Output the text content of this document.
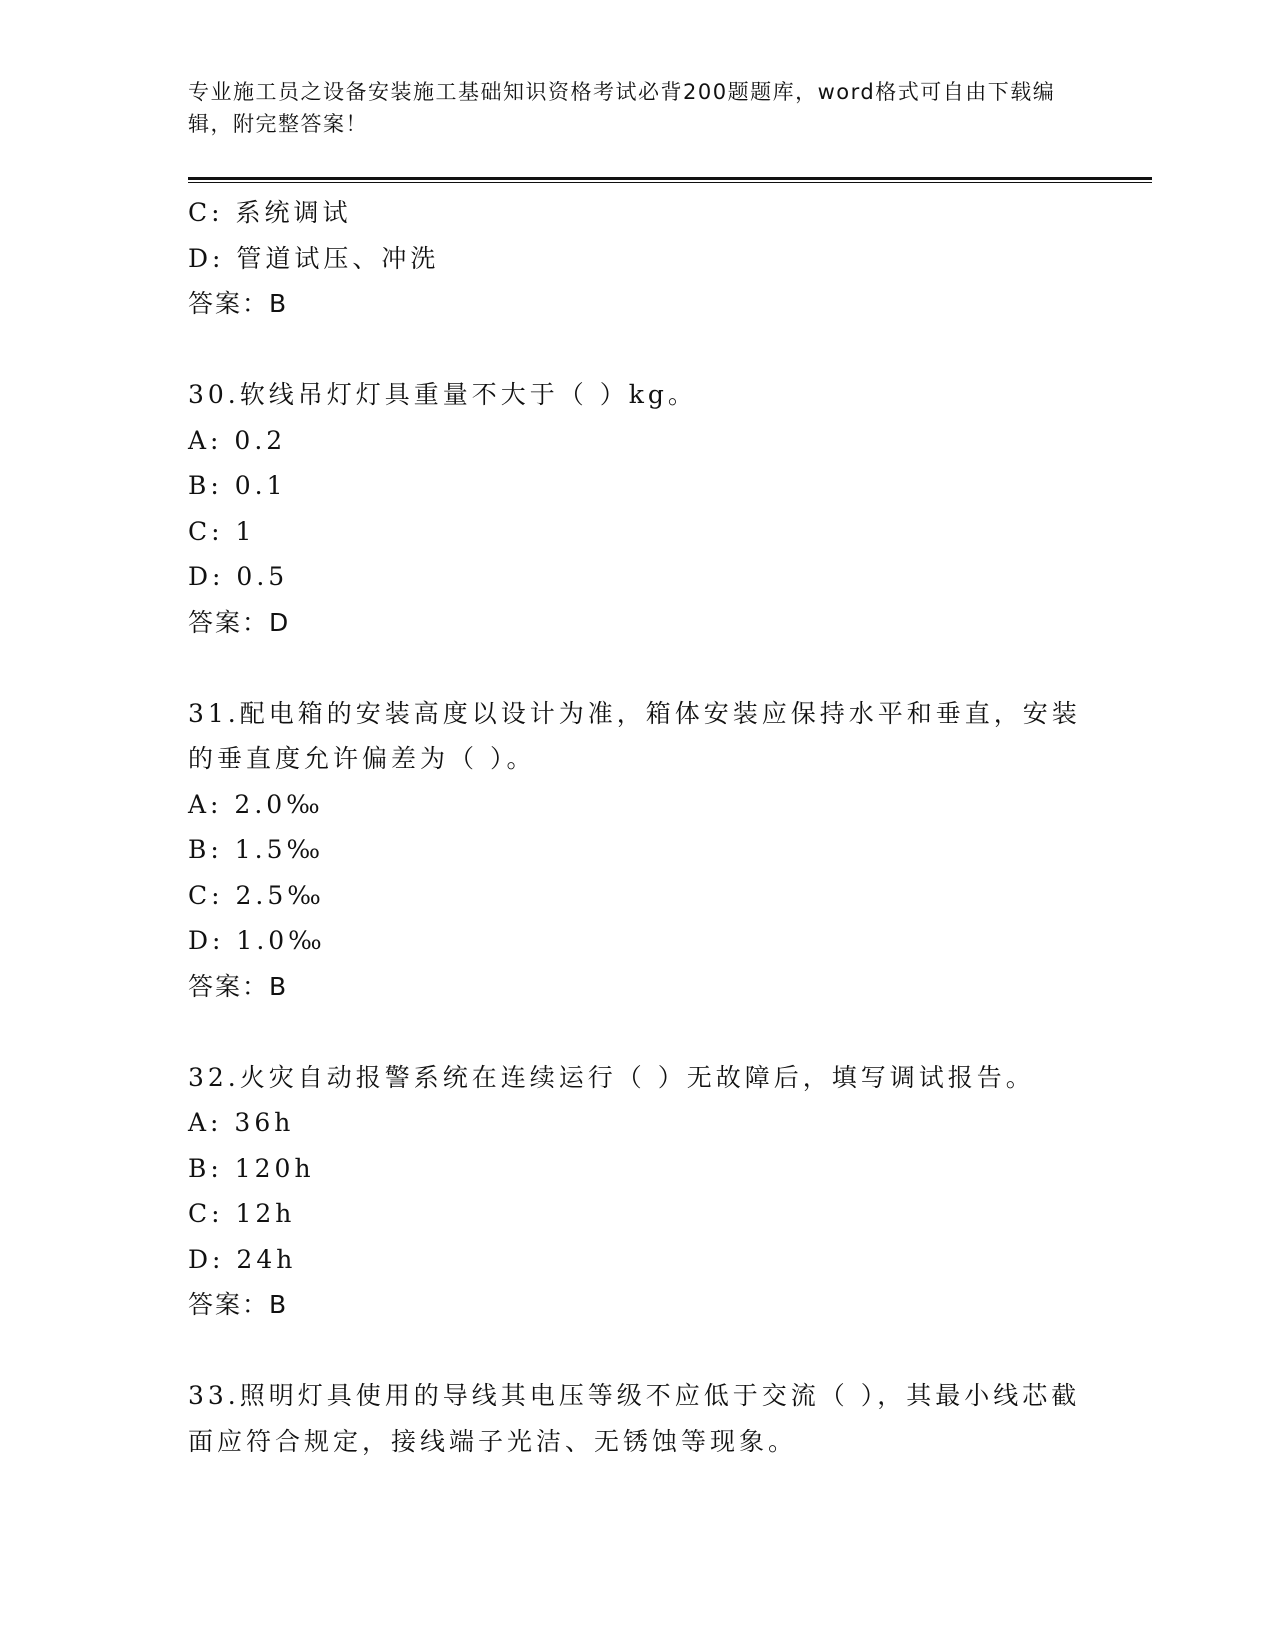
专业施工员之设备安装施工基础知识资格考试必背200题题库，word格式可自由下载编辑，附完整答案！
C: 系统调试
D: 管道试压、冲洗
答案：B
30.软线吊灯灯具重量不大于（ ）kg。
A: 0.2
B: 0.1
C: 1
D: 0.5
答案：D
31.配电箱的安装高度以设计为准，箱体安装应保持水平和垂直，安装的垂直度允许偏差为（ ）。
A: 2.0‰
B: 1.5‰
C: 2.5‰
D: 1.0‰
答案：B
32.火灾自动报警系统在连续运行（ ）无故障后，填写调试报告。
A: 36h
B: 120h
C: 12h
D: 24h
答案：B
33.照明灯具使用的导线其电压等级不应低于交流（ ），其最小线芯截面应符合规定，接线端子光洁、无锈蚀等现象。
